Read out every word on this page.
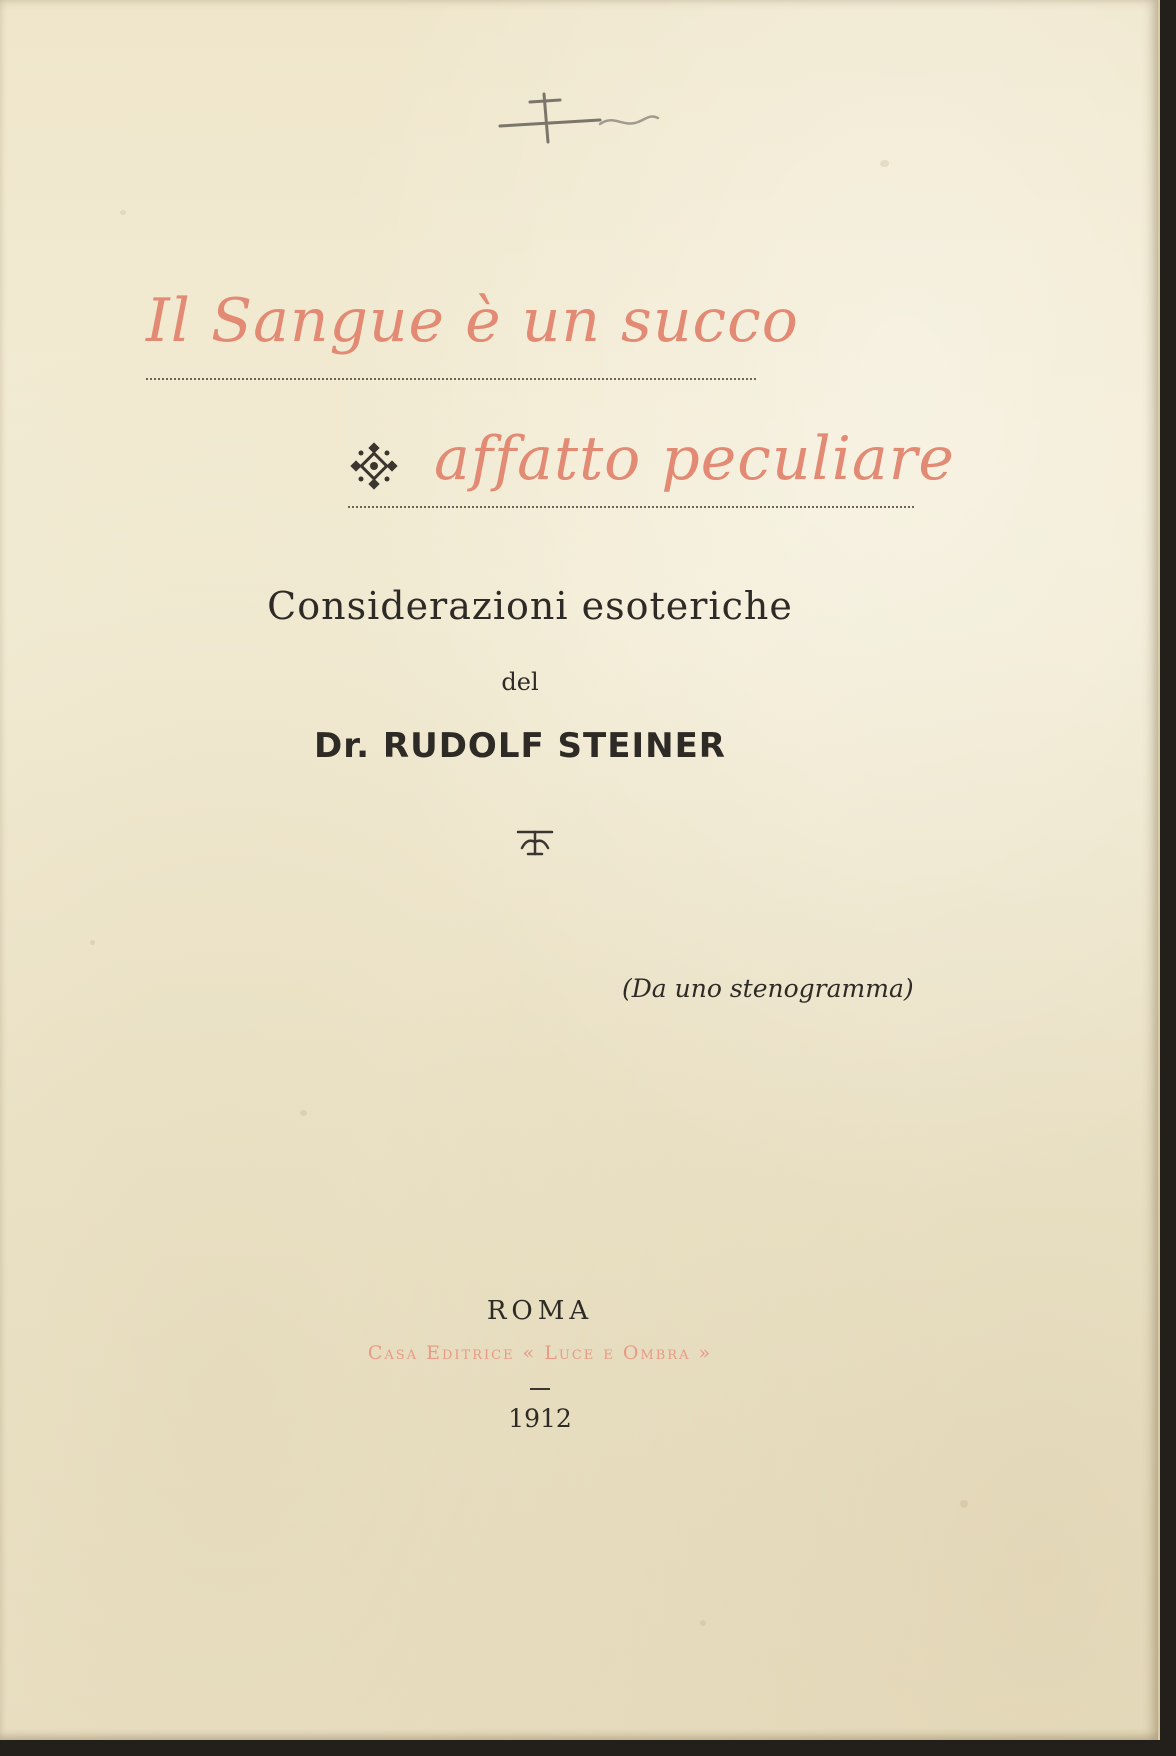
Il Sangue è un succo
affatto peculiare

Considerazioni esoteriche

del

Dr. RUDOLF STEINER

(Da uno stenogramma)

ROMA

Casa Editrice « Luce e Ombra »

1912
